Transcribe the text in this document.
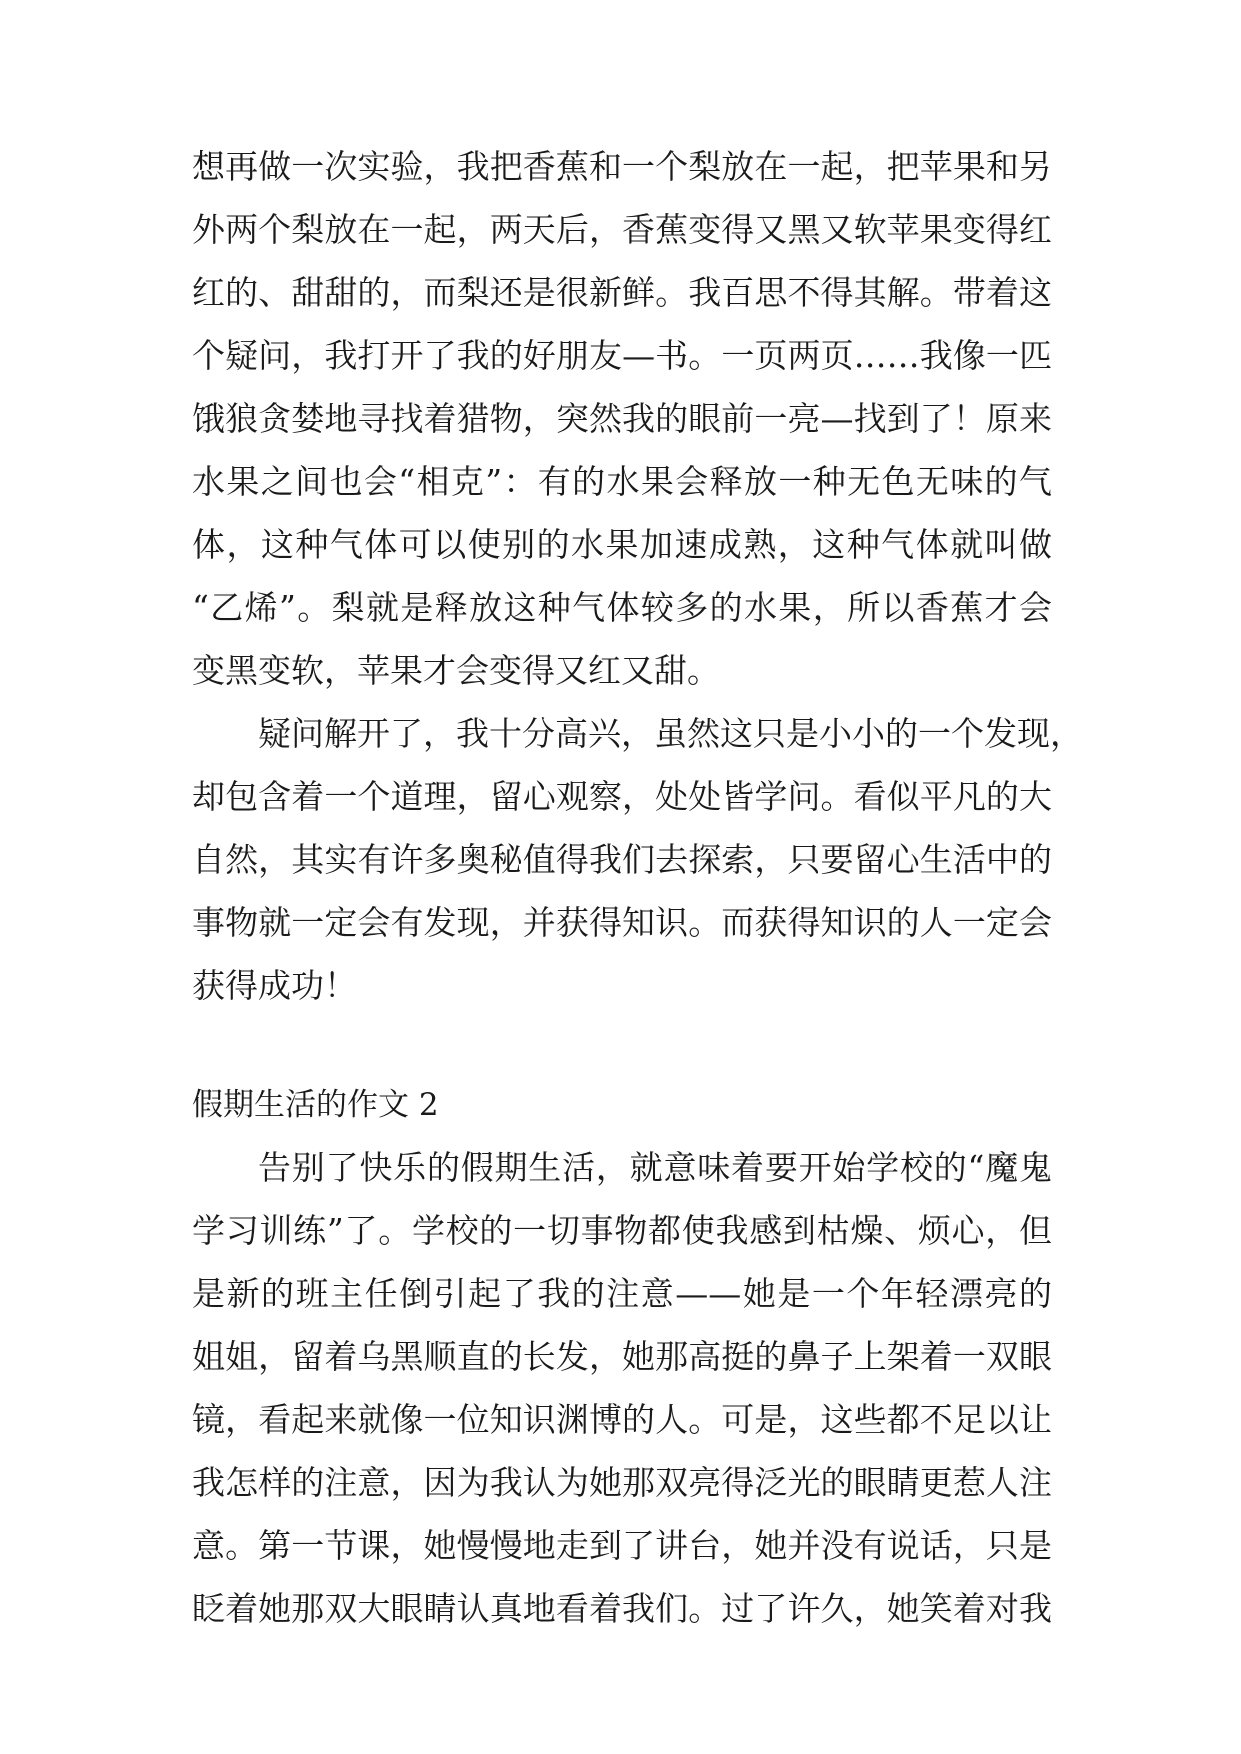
想再做一次实验，我把香蕉和一个梨放在一起，把苹果和另
外两个梨放在一起，两天后，香蕉变得又黑又软苹果变得红
红的、甜甜的，而梨还是很新鲜。我百思不得其解。带着这
个疑问，我打开了我的好朋友—书。一页两页……我像一匹
饿狼贪婪地寻找着猎物，突然我的眼前一亮—找到了！原来
水果之间也会“相克”：有的水果会释放一种无色无味的气
体，这种气体可以使别的水果加速成熟，这种气体就叫做
“乙烯”。梨就是释放这种气体较多的水果，所以香蕉才会
变黑变软，苹果才会变得又红又甜。
疑问解开了，我十分高兴，虽然这只是小小的一个发现，
却包含着一个道理，留心观察，处处皆学问。看似平凡的大
自然，其实有许多奥秘值得我们去探索，只要留心生活中的
事物就一定会有发现，并获得知识。而获得知识的人一定会
获得成功！
假期生活的作文 2
告别了快乐的假期生活，就意味着要开始学校的“魔鬼
学习训练”了。学校的一切事物都使我感到枯燥、烦心，但
是新的班主任倒引起了我的注意——她是一个年轻漂亮的
姐姐，留着乌黑顺直的长发，她那高挺的鼻子上架着一双眼
镜，看起来就像一位知识渊博的人。可是，这些都不足以让
我怎样的注意，因为我认为她那双亮得泛光的眼睛更惹人注
意。第一节课，她慢慢地走到了讲台，她并没有说话，只是
眨着她那双大眼睛认真地看着我们。过了许久，她笑着对我
